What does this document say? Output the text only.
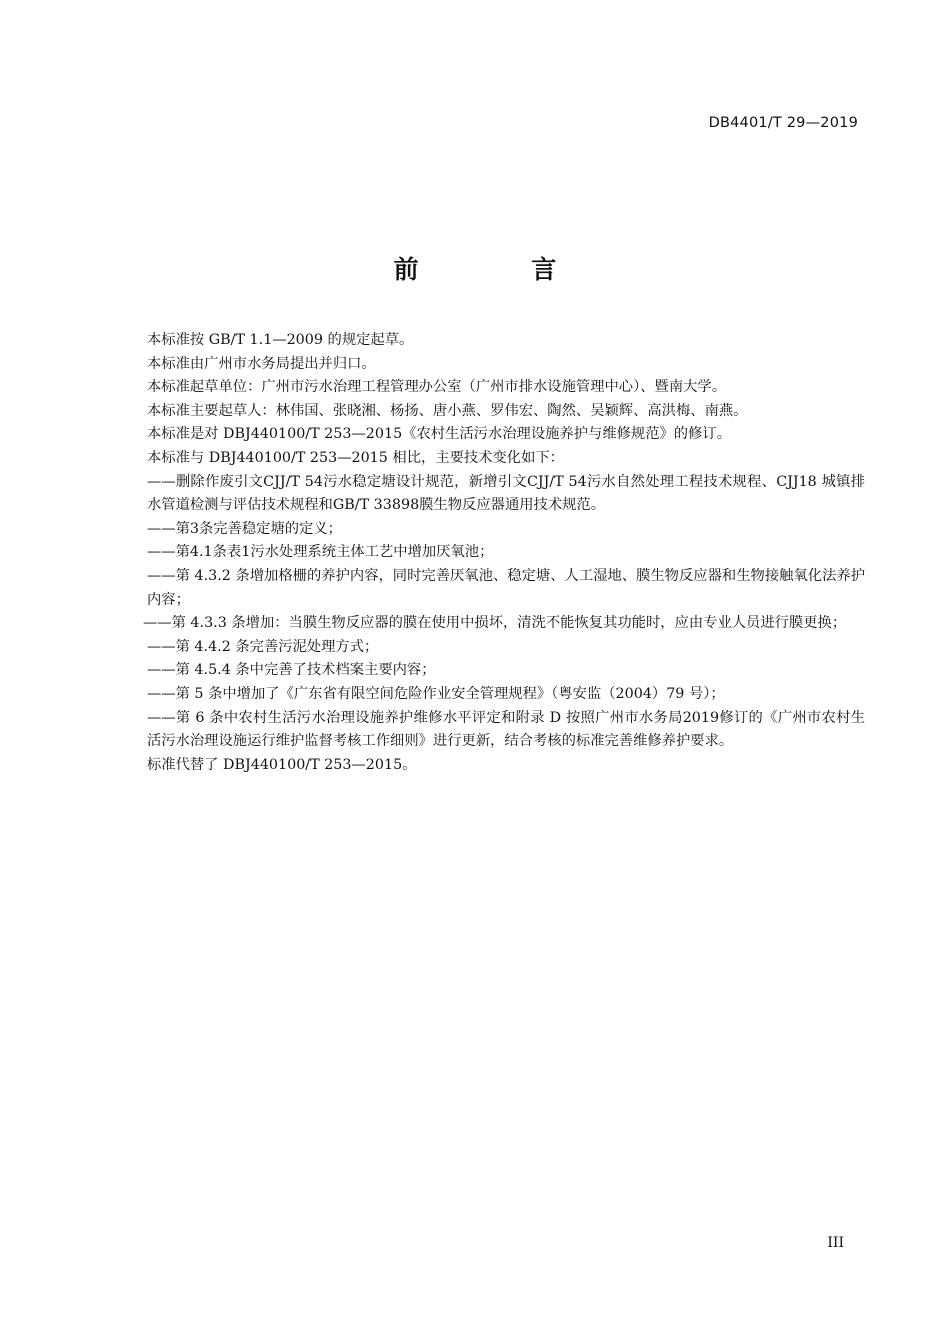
DB4401/T 29—2019
前 言

本标准按 GB/T 1.1—2009 的规定起草。

本标准由广州市水务局提出并归口。

本标准起草单位：广州市污水治理工程管理办公室（广州市排水设施管理中心）、暨南大学。

本标准主要起草人：林伟国、张晓湘、杨扬、唐小燕、罗伟宏、陶然、吴颖辉、高洪梅、南燕。

本标准是对 DBJ440100/T 253—2015《农村生活污水治理设施养护与维修规范》的修订。

本标准与 DBJ440100/T 253—2015 相比，主要技术变化如下：

——删除作废引文CJJ/T 54污水稳定塘设计规范，新增引文CJJ/T 54污水自然处理工程技术规程、CJJ18 城镇排水管道检测与评估技术规程和GB/T 33898膜生物反应器通用技术规范。

——第3条完善稳定塘的定义；

——第4.1条表1污水处理系统主体工艺中增加厌氧池；

——第 4.3.2 条增加格栅的养护内容，同时完善厌氧池、稳定塘、人工湿地、膜生物反应器和生物接触氧化法养护内容；

——第 4.3.3 条增加：当膜生物反应器的膜在使用中损坏，清洗不能恢复其功能时，应由专业人员进行膜更换；

——第 4.4.2 条完善污泥处理方式；

——第 4.5.4 条中完善了技术档案主要内容；

——第 5 条中增加了《广东省有限空间危险作业安全管理规程》（粤安监（2004）79 号）；

——第 6 条中农村生活污水治理设施养护维修水平评定和附录 D 按照广州市水务局2019修订的《广州市农村生活污水治理设施运行维护监督考核工作细则》进行更新，结合考核的标准完善维修养护要求。

标准代替了 DBJ440100/T 253—2015。

III
